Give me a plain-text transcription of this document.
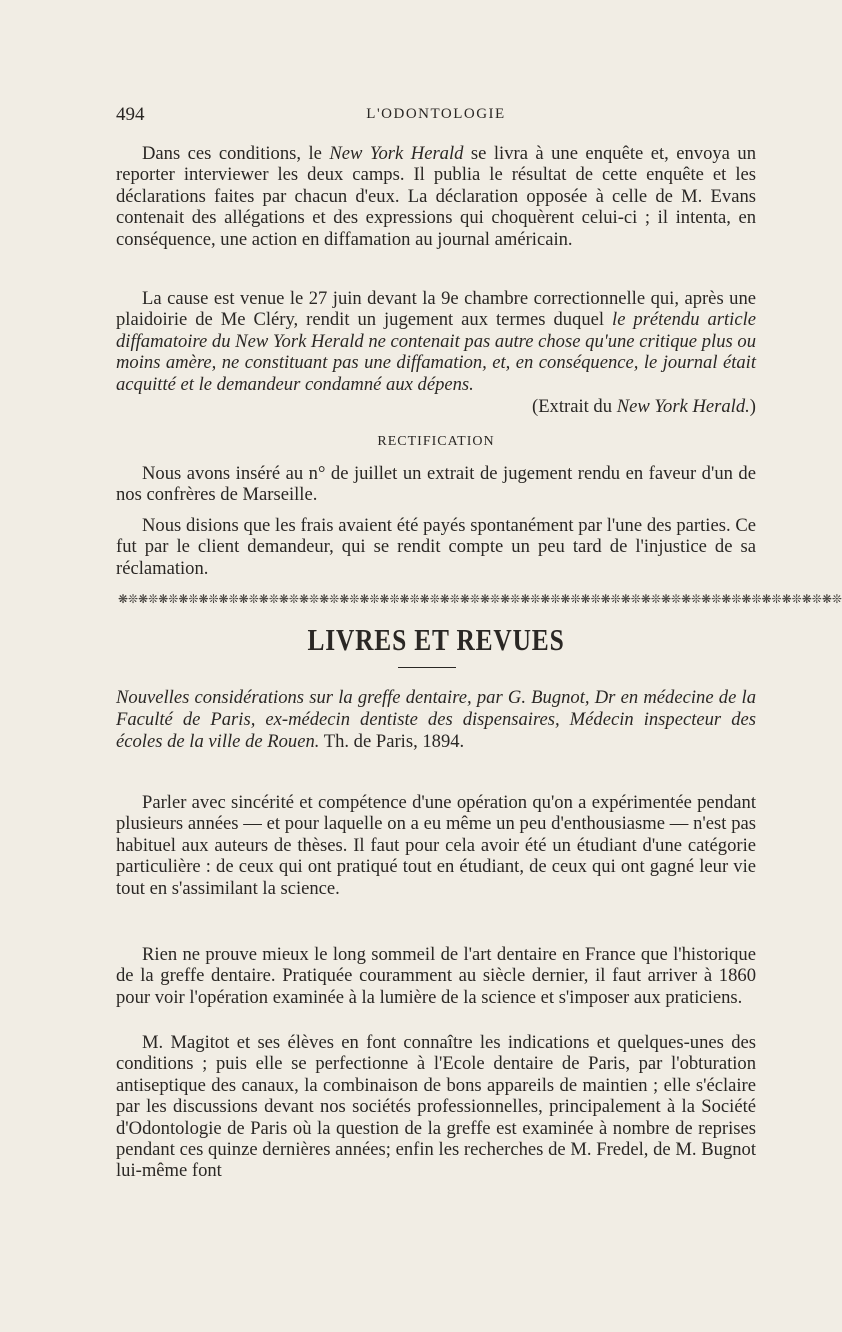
494	L'ODONTOLOGIE

Dans ces conditions, le New York Herald se livra à une enquête et, envoya un reporter interviewer les deux camps. Il publia le résultat de cette enquête et les déclarations faites par chacun d'eux. La déclaration opposée à celle de M. Evans contenait des allégations et des expressions qui choquèrent celui-ci ; il intenta, en conséquence, une action en diffamation au journal américain.

La cause est venue le 27 juin devant la 9e chambre correctionnelle qui, après une plaidoirie de Me Cléry, rendit un jugement aux termes duquel le prétendu article diffamatoire du New York Herald ne contenait pas autre chose qu'une critique plus ou moins amère, ne constituant pas une diffamation, et, en conséquence, le journal était acquitté et le demandeur condamné aux dépens.

(Extrait du New York Herald.)
RECTIFICATION

Nous avons inséré au n° de juillet un extrait de jugement rendu en faveur d'un de nos confrères de Marseille.

Nous disions que les frais avaient été payés spontanément par l'une des parties. Ce fut par le client demandeur, qui se rendit compte un peu tard de l'injustice de sa réclamation.

❋❊❋❊❋❊❋❊❋❊❋❊❋❊❋❊❋❊❋❊❋❊❋❊❋❊❋❊❋❊❋❊❋❊❋❊❋❊❋❊❋❊❋❊❋❊❋❊❋❊❋❊❋❊❋❊❋❊❋❊❋❊❋❊❋❊❋❊❋❊❋❊
LIVRES ET REVUES
Nouvelles considérations sur la greffe dentaire, par G. Bugnot, Dr en médecine de la Faculté de Paris, ex-médecin dentiste des dispensaires, Médecin inspecteur des écoles de la ville de Rouen. Th. de Paris, 1894.

Parler avec sincérité et compétence d'une opération qu'on a expérimentée pendant plusieurs années — et pour laquelle on a eu même un peu d'enthousiasme — n'est pas habituel aux auteurs de thèses. Il faut pour cela avoir été un étudiant d'une catégorie particulière : de ceux qui ont pratiqué tout en étudiant, de ceux qui ont gagné leur vie tout en s'assimilant la science.

Rien ne prouve mieux le long sommeil de l'art dentaire en France que l'historique de la greffe dentaire. Pratiquée couramment au siècle dernier, il faut arriver à 1860 pour voir l'opération examinée à la lumière de la science et s'imposer aux praticiens.

M. Magitot et ses élèves en font connaître les indications et quelques-unes des conditions ; puis elle se perfectionne à l'Ecole dentaire de Paris, par l'obturation antiseptique des canaux, la combinaison de bons appareils de maintien ; elle s'éclaire par les discussions devant nos sociétés professionnelles, principalement à la Société d'Odontologie de Paris où la question de la greffe est examinée à nombre de reprises pendant ces quinze dernières années; enfin les recherches de M. Fredel, de M. Bugnot lui-même font
